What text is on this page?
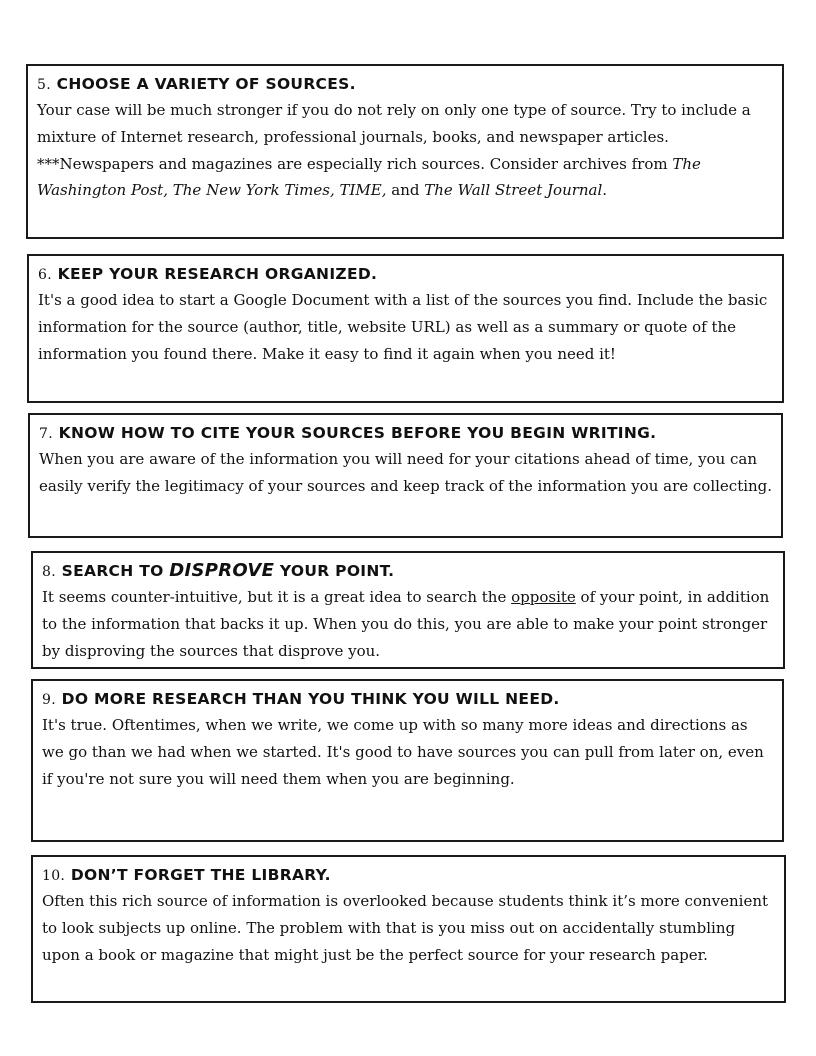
5. CHOOSE A VARIETY OF SOURCES.
Your case will be much stronger if you do not rely on only one type of source. Try to include a mixture of Internet research, professional journals, books, and newspaper articles.
***Newspapers and magazines are especially rich sources. Consider archives from The Washington Post, The New York Times, TIME, and The Wall Street Journal.
6. KEEP YOUR RESEARCH ORGANIZED.
It's a good idea to start a Google Document with a list of the sources you find. Include the basic information for the source (author, title, website URL) as well as a summary or quote of the information you found there. Make it easy to find it again when you need it!
7. KNOW HOW TO CITE YOUR SOURCES BEFORE YOU BEGIN WRITING.
When you are aware of the information you will need for your citations ahead of time, you can easily verify the legitimacy of your sources and keep track of the information you are collecting.
8. SEARCH TO DISPROVE YOUR POINT.
It seems counter-intuitive, but it is a great idea to search the opposite of your point, in addition to the information that backs it up. When you do this, you are able to make your point stronger by disproving the sources that disprove you.
9. DO MORE RESEARCH THAN YOU THINK YOU WILL NEED.
It's true. Oftentimes, when we write, we come up with so many more ideas and directions as we go than we had when we started. It's good to have sources you can pull from later on, even if you're not sure you will need them when you are beginning.
10. DON’T FORGET THE LIBRARY.
Often this rich source of information is overlooked because students think it’s more convenient to look subjects up online. The problem with that is you miss out on accidentally stumbling upon a book or magazine that might just be the perfect source for your research paper.
